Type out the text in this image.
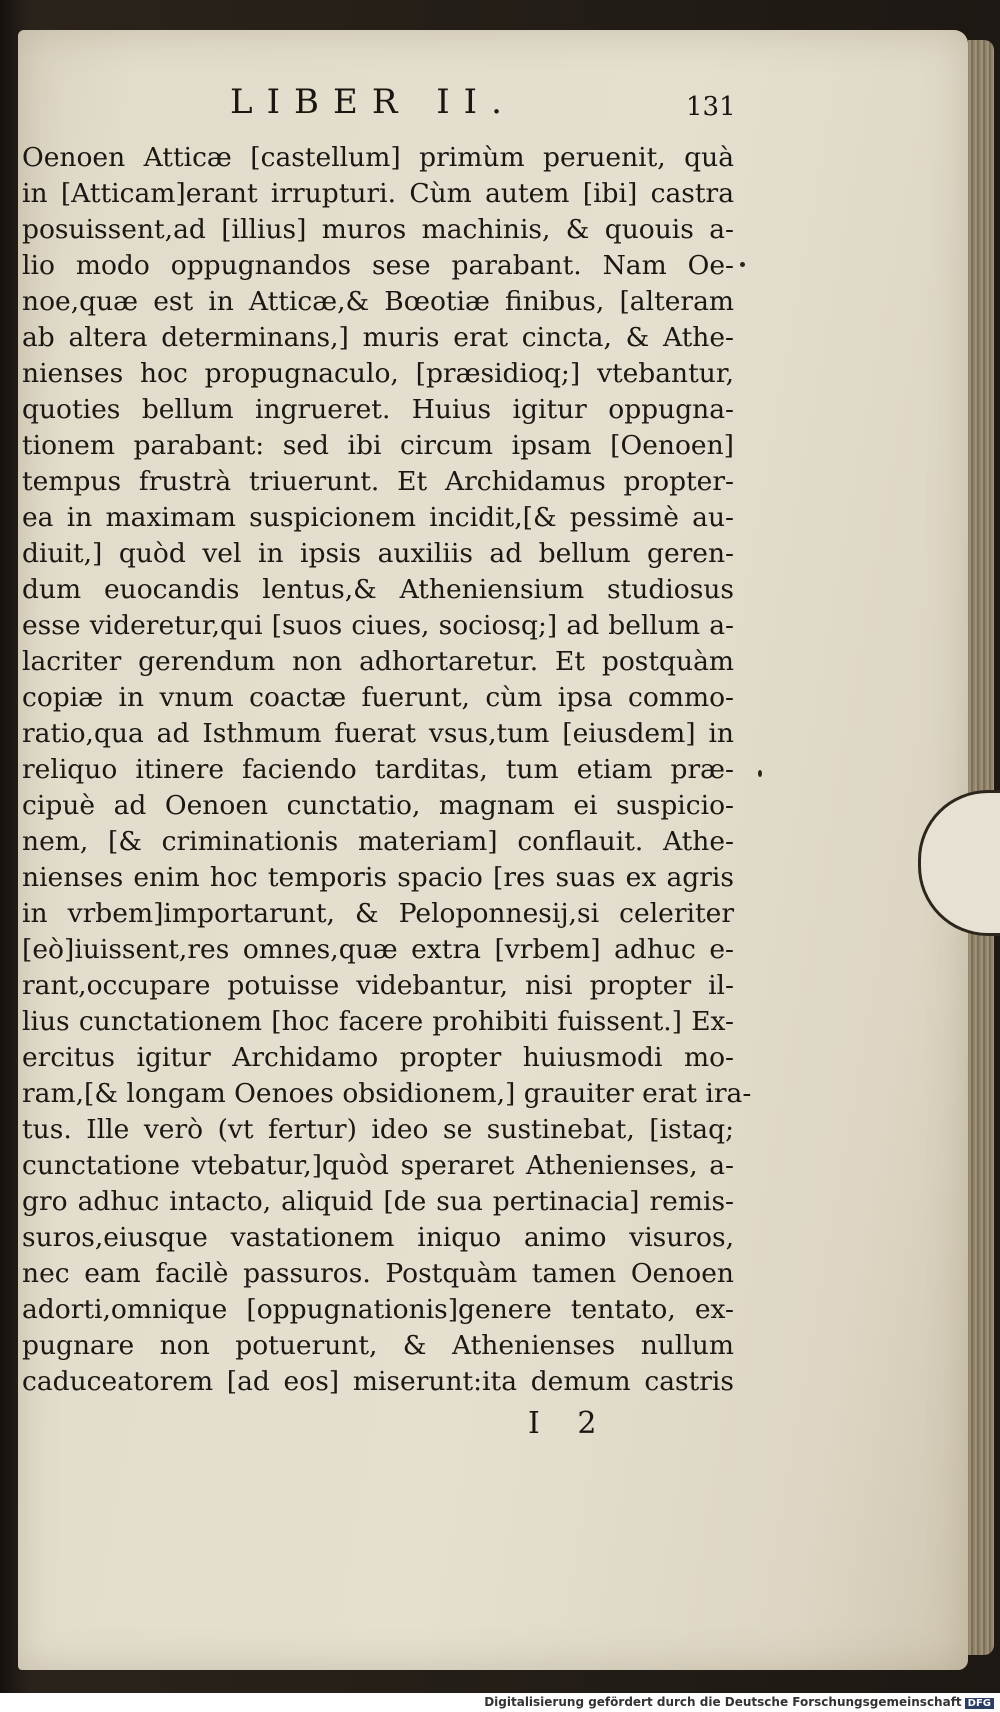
LIBER II.	131
Oenoen Atticæ [castellum] primùm peruenit, quà
in [Atticam]erant irrupturi. Cùm autem [ibi] castra
posuissent,ad [illius] muros machinis, & quouis a-
lio modo oppugnandos sese parabant. Nam Oe-
noe,quæ est in Atticæ,& Bœotiæ finibus, [alteram
ab altera determinans,] muris erat cincta, & Athe-
nienses hoc propugnaculo, [præsidioq;] vtebantur,
quoties bellum ingrueret. Huius igitur oppugna-
tionem parabant: sed ibi circum ipsam [Oenoen]
tempus frustrà triuerunt. Et Archidamus propter-
ea in maximam suspicionem incidit,[& pessimè au-
diuit,] quòd vel in ipsis auxiliis ad bellum geren-
dum euocandis lentus,& Atheniensium studiosus
esse videretur,qui [suos ciues, sociosq;] ad bellum a-
lacriter gerendum non adhortaretur. Et postquàm
copiæ in vnum coactæ fuerunt, cùm ipsa commo-
ratio,qua ad Isthmum fuerat vsus,tum [eiusdem] in
reliquo itinere faciendo tarditas, tum etiam præ-
cipuè ad Oenoen cunctatio, magnam ei suspicio-
nem, [& criminationis materiam] conflauit. Athe-
nienses enim hoc temporis spacio [res suas ex agris
in vrbem]importarunt, & Peloponnesij,si celeriter
[eò]iuissent,res omnes,quæ extra [vrbem] adhuc e-
rant,occupare potuisse videbantur, nisi propter il-
lius cunctationem [hoc facere prohibiti fuissent.] Ex-
ercitus igitur Archidamo propter huiusmodi mo-
ram,[& longam Oenoes obsidionem,] grauiter erat ira-
tus. Ille verò (vt fertur) ideo se sustinebat, [istaq;
cunctatione vtebatur,]quòd speraret Athenienses, a-
gro adhuc intacto, aliquid [de sua pertinacia] remis-
suros,eiusque vastationem iniquo animo visuros,
nec eam facilè passuros. Postquàm tamen Oenoen
adorti,omnique [oppugnationis]genere tentato, ex-
pugnare non potuerunt, & Athenienses nullum
caduceatorem [ad eos] miserunt:ita demum castris
I 2
Digitalisierung gefördert durch die Deutsche Forschungsgemeinschaft DFG
